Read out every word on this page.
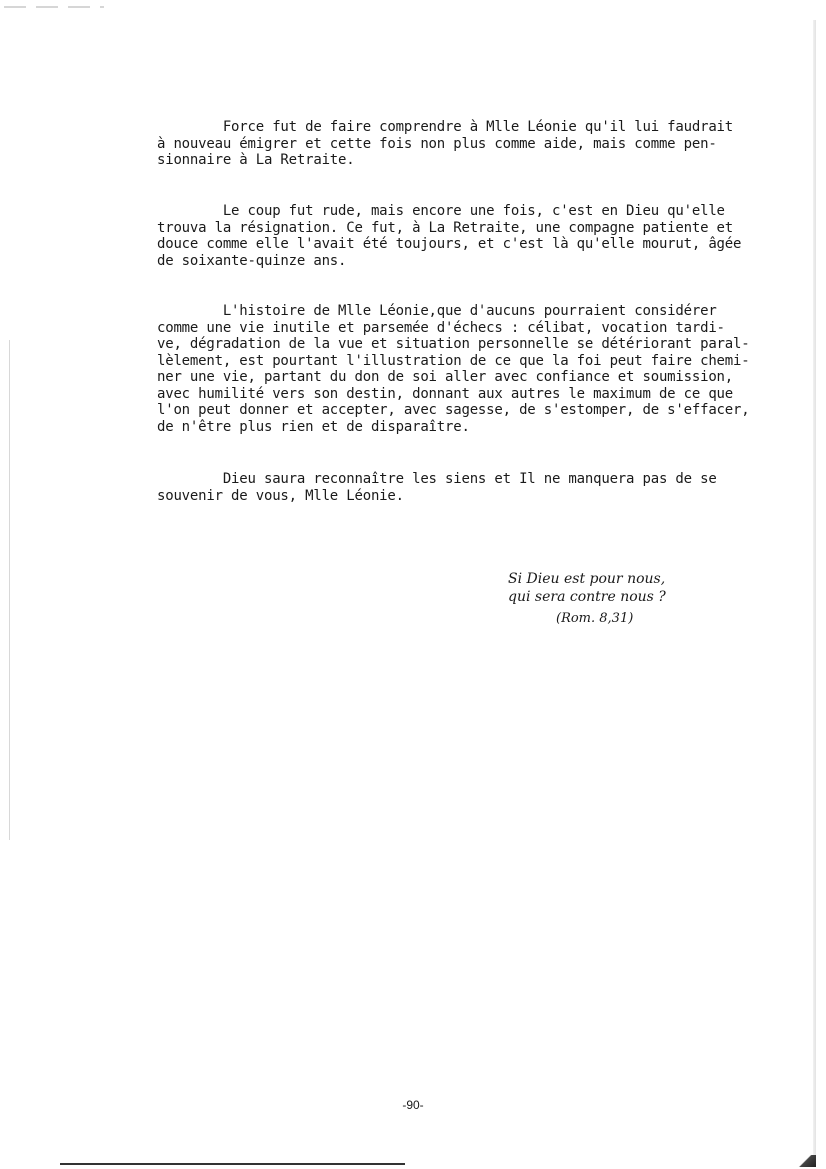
Force fut de faire comprendre à Mlle Léonie qu'il lui faudrait
à nouveau émigrer et cette fois non plus comme aide, mais comme pen-
sionnaire à La Retraite.
Le coup fut rude, mais encore une fois, c'est en Dieu qu'elle
trouva la résignation. Ce fut, à La Retraite, une compagne patiente et
douce comme elle l'avait été toujours, et c'est là qu'elle mourut, âgée
de soixante-quinze ans.
L'histoire de Mlle Léonie,que d'aucuns pourraient considérer
comme une vie inutile et parsemée d'échecs : célibat, vocation tardi-
ve, dégradation de la vue et situation personnelle se détériorant paral-
lèlement, est pourtant l'illustration de ce que la foi peut faire chemi-
ner une vie, partant du don de soi aller avec confiance et soumission,
avec humilité vers son destin, donnant aux autres le maximum de ce que
l'on peut donner et accepter, avec sagesse, de s'estomper, de s'effacer,
de n'être plus rien et de disparaître.
Dieu saura reconnaître les siens et Il ne manquera pas de se
souvenir de vous, Mlle Léonie.
Si Dieu est pour nous,
qui sera contre nous ?
(Rom. 8,31)
-90-
